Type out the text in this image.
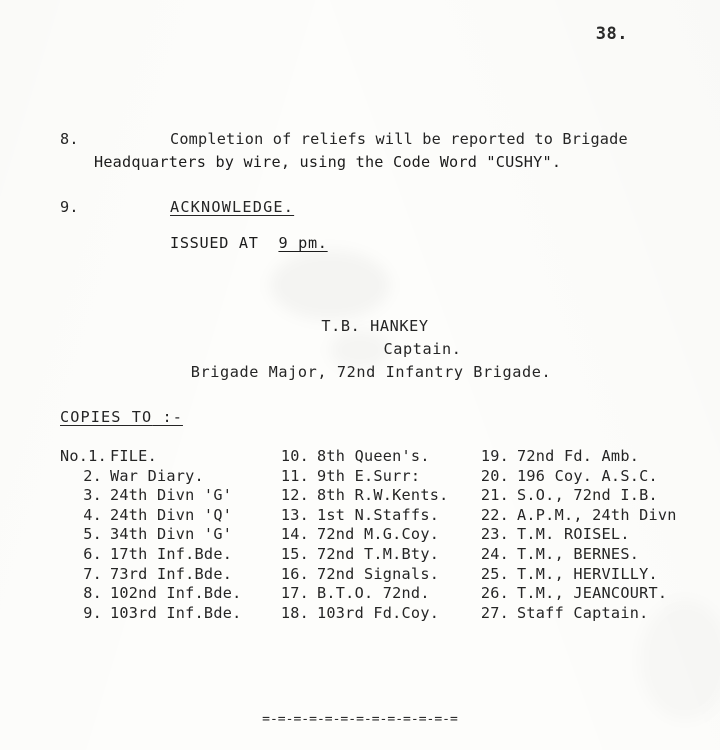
38.
8.	Completion of reliefs will be reported to Brigade
Headquarters by wire, using the Code Word "CUSHY".
9.	ACKNOWLEDGE.
ISSUED AT 9 pm.
T.B. HANKEY
Captain.
Brigade Major, 72nd Infantry Brigade.
COPIES TO :-
No.1. FILE.
2. War Diary.
3. 24th Divn 'G'
4. 24th Divn 'Q'
5. 34th Divn 'G'
6. 17th Inf.Bde.
7. 73rd Inf.Bde.
8. 102nd Inf.Bde.
9. 103rd Inf.Bde.
10. 8th Queen's.
11. 9th E.Surr:
12. 8th R.W.Kents.
13. 1st N.Staffs.
14. 72nd M.G.Coy.
15. 72nd T.M.Bty.
16. 72nd Signals.
17. B.T.O. 72nd.
18. 103rd Fd.Coy.
19. 72nd Fd. Amb.
20. 196 Coy. A.S.C.
21. S.O., 72nd I.B.
22. A.P.M., 24th Divn
23. T.M. ROISEL.
24. T.M., BERNES.
25. T.M., HERVILLY.
26. T.M., JEANCOURT.
27. Staff Captain.
=-=-=-=-=-=-=-=-=-=-=-=-=
